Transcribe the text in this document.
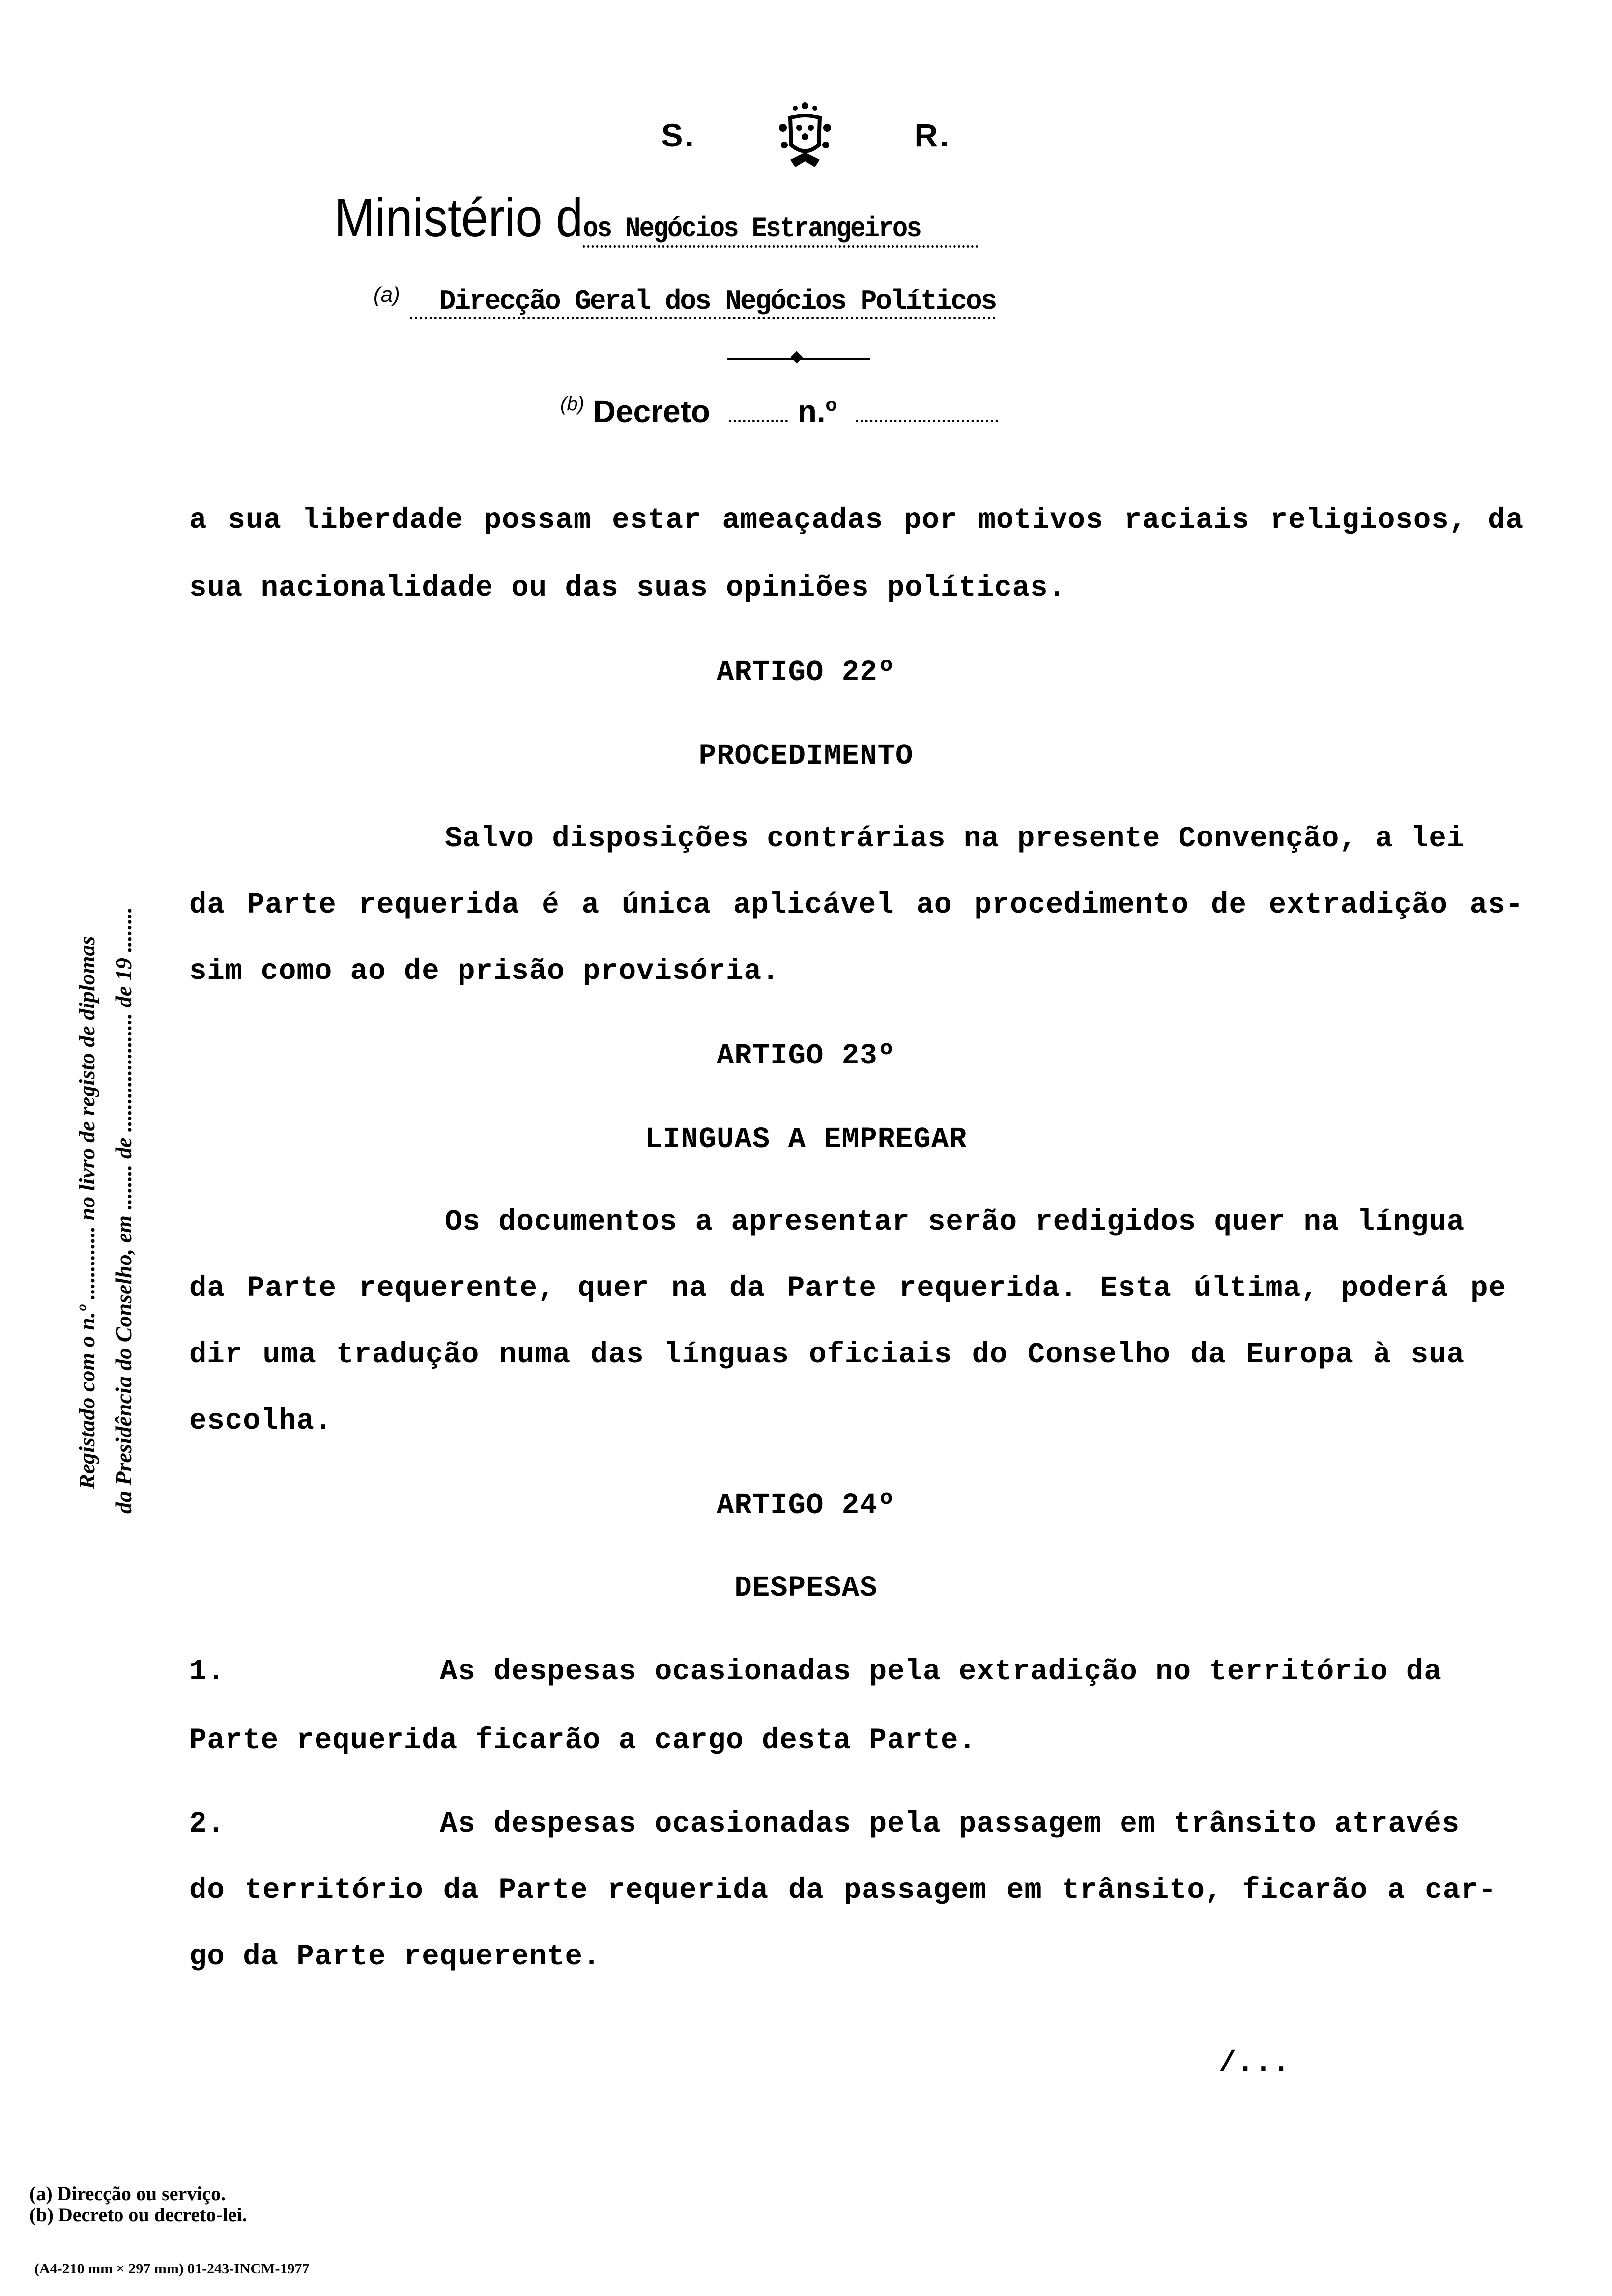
S.	R.
Ministério dos Negócios Estrangeiros
$^{(a)}$ Direcção Geral dos Negócios Políticos
$^{(b)}$ Decreto	n.º
Registado com o n.º ............. no livro de registo de diplomas da Presidência do Conselho, em ........ de ..................... de 19 ........
a sua liberdade possam estar ameaçadas por motivos raciais religiosos, da
sua nacionalidade ou das suas opiniões políticas.
ARTIGO 22º
PROCEDIMENTO
Salvo disposições contrárias na presente Convenção, a lei
da Parte requerida é a única aplicável ao procedimento de extradição as-
sim como ao de prisão provisória.
ARTIGO 23º
LINGUAS A EMPREGAR
Os documentos a apresentar serão redigidos quer na língua
da Parte requerente, quer na da Parte requerida. Esta última, poderá pe
dir uma tradução numa das línguas oficiais do Conselho da Europa à sua
escolha.
ARTIGO 24º
DESPESAS
1.	As despesas ocasionadas pela extradição no território da
Parte requerida ficarão a cargo desta Parte.
2.	As despesas ocasionadas pela passagem em trânsito através
do território da Parte requerida da passagem em trânsito, ficarão a car-
go da Parte requerente.
/...
(a) Direcção ou serviço.
(b) Decreto ou decreto-lei.
(A4-210 mm × 297 mm) 01-243-INCM-1977
